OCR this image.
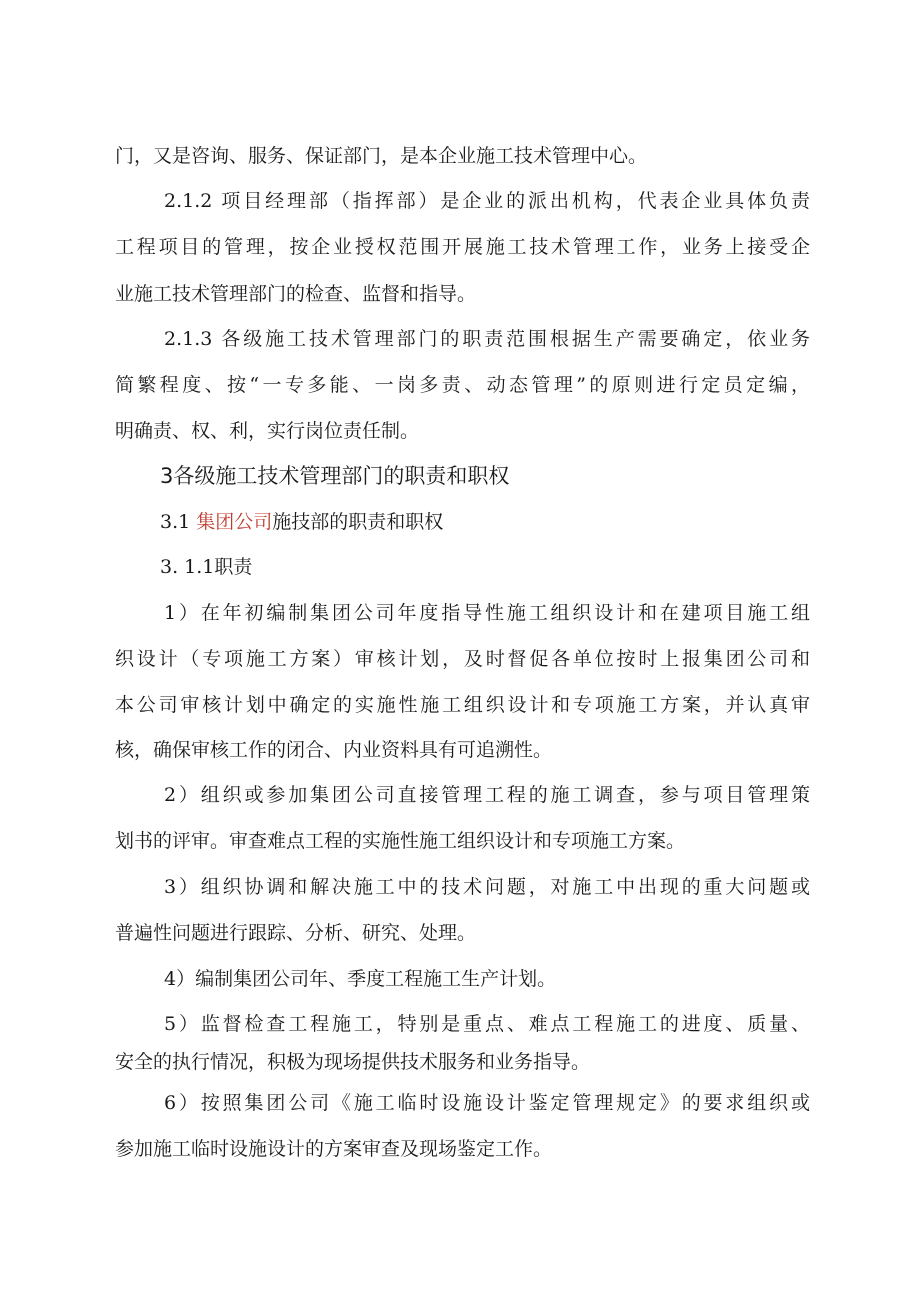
门，又是咨询、服务、保证部门，是本企业施工技术管理中心。

2.1.2 项目经理部（指挥部）是企业的派出机构，代表企业具体负责

工程项目的管理，按企业授权范围开展施工技术管理工作，业务上接受企

业施工技术管理部门的检查、监督和指导。

2.1.3 各级施工技术管理部门的职责范围根据生产需要确定，依业务

简繁程度、按“一专多能、一岗多责、动态管理”的原则进行定员定编，

明确责、权、利，实行岗位责任制。

3各级施工技术管理部门的职责和职权

3.1 集团公司施技部的职责和职权

3. 1.1职责

1）在年初编制集团公司年度指导性施工组织设计和在建项目施工组

织设计（专项施工方案）审核计划，及时督促各单位按时上报集团公司和

本公司审核计划中确定的实施性施工组织设计和专项施工方案，并认真审

核，确保审核工作的闭合、内业资料具有可追溯性。

2）组织或参加集团公司直接管理工程的施工调查，参与项目管理策

划书的评审。审查难点工程的实施性施工组织设计和专项施工方案。

3）组织协调和解决施工中的技术问题，对施工中出现的重大问题或

普遍性问题进行跟踪、分析、研究、处理。

4）编制集团公司年、季度工程施工生产计划。

5）监督检查工程施工，特别是重点、难点工程施工的进度、质量、

安全的执行情况，积极为现场提供技术服务和业务指导。

6）按照集团公司《施工临时设施设计鉴定管理规定》的要求组织或

参加施工临时设施设计的方案审查及现场鉴定工作。
